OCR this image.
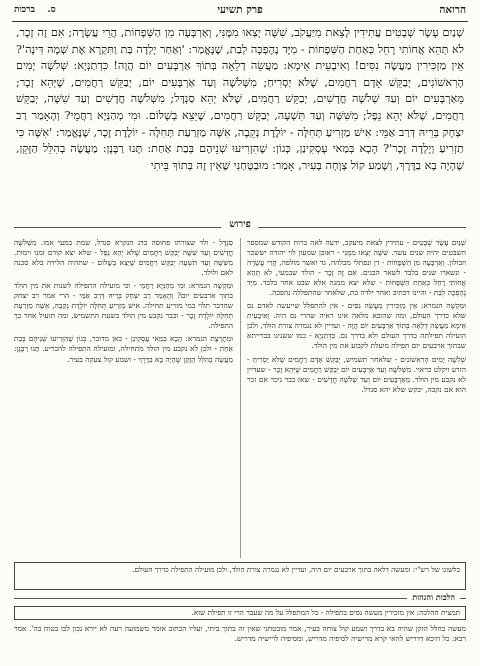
הרואה
פרק תשיעי
ס.    ברכות
שְׁנַיִם עָשָׂר שְׁבָטִים עֲתִידִין לָצֵאת מִיַּעֲקֹב, שִׁשָּׁה יָצְאוּ מִמֶּנִּי, וְאַרְבָּעָה מִן הַשְּׁפָחוֹת, הֲרֵי עֲשָׂרָה; אִם זֶה זָכָר, לֹא תְּהֵא אֲחוֹתִי רָחֵל כְּאַחַת הַשְּׁפָחוֹת - מִיָּד נֶהֶפְכָה לְבַת, שֶׁנֶּאֱמַר: 'וְאַחַר יָלְדָה בַּת וַתִּקְרָא אֶת שְׁמָהּ דִּינָה'? אֵין מַזְכִּירִין מַעֲשֶׂה נִסִּים! וְאִיבָעֵית אֵימָא: מַעֲשֵׂה דְלֵאָה בְּתוֹךְ אַרְבָּעִים יוֹם הֲוָה! כִּדְתַנְיָא: שְׁלֹשָׁה יָמִים הָרִאשׁוֹנִים, יְבַקֵּשׁ אָדָם רַחֲמִים, שֶׁלֹּא יַסְרִיחַ; מִשְּׁלֹשָׁה וְעַד אַרְבָּעִים יוֹם, יְבַקֵּשׁ רַחֲמִים, שֶׁיְּהֵא זָכָר; מֵאַרְבָּעִים יוֹם וְעַד שְׁלֹשָׁה חֳדָשִׁים, יְבַקֵּשׁ רַחֲמִים, שֶׁלֹּא יְהֵא סַנְדָּל; מִשְּׁלֹשָׁה חֳדָשִׁים וְעַד שִׁשָּׁה, יְבַקֵּשׁ רַחֲמִים, שֶׁלֹּא יְהֵא נֵפֶל; מִשִּׁשָּׁה וְעַד תִּשְׁעָה, יְבַקֵּשׁ רַחֲמִים, שֶׁיֵּצֵא בְשָׁלוֹם. וּמִי מְהַנְּיָא רַחֲמֵי? וְהָאָמַר רַב יִצְחָק בְּרֵיהּ דְּרַב אַמֵּי: אִישׁ מַזְרִיעַ תְּחִלָּה - יוֹלֶדֶת נְקֵבָה, אִשָּׁה מַזְרַעַת תְּחִלָּה - יוֹלֶדֶת זָכָר, שֶׁנֶּאֱמַר: 'אִשָּׁה כִּי תַזְרִיעַ וְיָלְדָה זָכָר'? הָכָא בְּמַאי עָסְקִינַן, כְּגוֹן: שֶׁהִזְרִיעוּ שְׁנֵיהֶם בְּבַת אַחַת: תָּנוּ רַבָּנָן: מַעֲשֶׂה בְהִלֵּל הַזָּקֵן, שֶׁהָיָה בָא בַדֶּרֶךְ, וְשָׁמַע קוֹל צְוָחָה בָּעִיר, אָמַר: מוּבְטָחַנִי שֶׁאֵין זֶה בְּתוֹךְ בֵּיתִי
פירוש

שְׁנַיִם עָשָׂר שְׁבָטִים - עתידין לצאת מיעקב, ידעה לאה ברוח הקודש שמספר השבטים יהיה שנים עשר. שִׁשָּׁה יָצְאוּ מִמֶּנִּי - ראובן שמעון לוי יהודה יששכר וזבולון. וְאַרְבָּעָה מִן הַשְּׁפָחוֹת - דן ונפתלי מבלהה, גד ואשר מזלפה, הֲרֵי עֲשָׂרָה - ונשארו שנים בלבד לשאר הבנים. אִם זֶה זָכָר - הולד שבמעי, לֹא תְּהֵא אֲחוֹתִי רָחֵל כְּאַחַת הַשְּׁפָחוֹת - שלא יצא ממנה אלא שבט אחד בלבד. מִיָּד נֶהֶפְכָה לְבַת - והיינו דכתיב ואחר ילדה בת, שלאחר שהתפללה נהפכה.

וּמַקְשֶׁה הגמרא: אֵין מַזְכִּירִין מַעֲשֵׂה נִסִּים - אין להתפלל שייעשה לאדם נס שלא כדרך העולם, ומה שהובא מלאה אינו ראיה שהרי נס היה. וְאִיבָעֵית אֵימָא מַעֲשֵׂה דְלֵאָה בְּתוֹךְ אַרְבָּעִים יוֹם הֲוָה - ועדיין לא נגמרה צורת הולד, ולכן הועילה תפילתה כדרך העולם ולא בדרך נס. כִּדְתַנְיָא - כמו ששנינו בברייתא שבתוך ארבעים יום תפילה מועלת לקבוע את מין הולד.

שְׁלֹשָׁה יָמִים הָרִאשׁוֹנִים - שלאחר תשמיש, יְבַקֵּשׁ אָדָם רַחֲמִים שֶׁלֹּא יַסְרִיחַ - הזרע ויקלט כראוי. מִשְּׁלֹשָׁה וְעַד אַרְבָּעִים יוֹם יְבַקֵּשׁ רַחֲמִים שֶׁיְּהֵא זָכָר - שעדיין לא נקבע מין הולד. מֵאַרְבָּעִים יוֹם וְעַד שְׁלֹשָׁה חֳדָשִׁים - שאז כבר ניכר אם זכר הוא אם נקבה, יבקש שלא יהא סנדל.

סַנְדָּל - ולד שצורתו פחוסה כדג הנקרא סנדל, שמת במעי אמו. מִשְּׁלֹשָׁה חֳדָשִׁים וְעַד שִׁשָּׁה יְבַקֵּשׁ רַחֲמִים שֶׁלֹּא יְהֵא נֵפֶל - שלא יצא קודם זמנו וימות. מִשִּׁשָּׁה וְעַד תִּשְׁעָה יְבַקֵּשׁ רַחֲמִים שֶׁיֵּצֵא בְשָׁלוֹם - שתהיה הלידה בלא סכנה לאם ולולד.

וּמַקְשֶׁה הגמרא: וּמִי מְהַנְּיָא רַחֲמֵי - וכי מועילה התפילה לשנות את מין הולד בתוך ארבעים יום? וְהָאָמַר רַב יִצְחָק בְּרֵיהּ דְּרַב אַמֵּי - הרי אמר רב יצחק שהדבר תלוי במי מזריע תחילה. אִישׁ מַזְרִיעַ תְּחִלָּה יוֹלֶדֶת נְקֵבָה, אִשָּׁה מַזְרַעַת תְּחִלָּה יוֹלֶדֶת זָכָר - וכבר נקבע מין הולד בשעת התשמיש, ומה תועיל אחר כך התפילה.

וּמְתָרֶצֶת הגמרא: הָכָא בְּמַאי עָסְקִינַן - כאן מדובר, כְּגוֹן שֶׁהִזְרִיעוּ שְׁנֵיהֶם בְּבַת אַחַת - ולכן לא נקבע מין הולד מתחילה, ומועילה התפילה להכריע. תָּנוּ רַבָּנָן: מַעֲשֶׂה בְהִלֵּל הַזָּקֵן שֶׁהָיָה בָא בַדֶּרֶךְ - ושמע קול צעקה בעיר.

בלשונו של רש"י: ומעשה דלאה בתוך ארבעים יום היה, ועדיין לא נגמרה צורת הולד, ולכן מועילה התפילה כדרך העולם.
הלכות והגהות
תמצית ההלכה: אין מזכירין מעשה נסים בתפילה - כל המתפלל על מה שעבר הרי זו תפילת שוא.
מעשה בהלל הזקן שהיה בא בדרך ושמע קול צוחה בעיר, אמר מובטחני שאין זה בתוך ביתי, ועליו הכתוב אומר משמועה רעה לא יירא נכון לבו בטוח בה'. אמר רבא: כל היכא דדריש להאי קרא מרישיה לסיפיה מדריש, ומסיפיה לרישיה מדריש.
